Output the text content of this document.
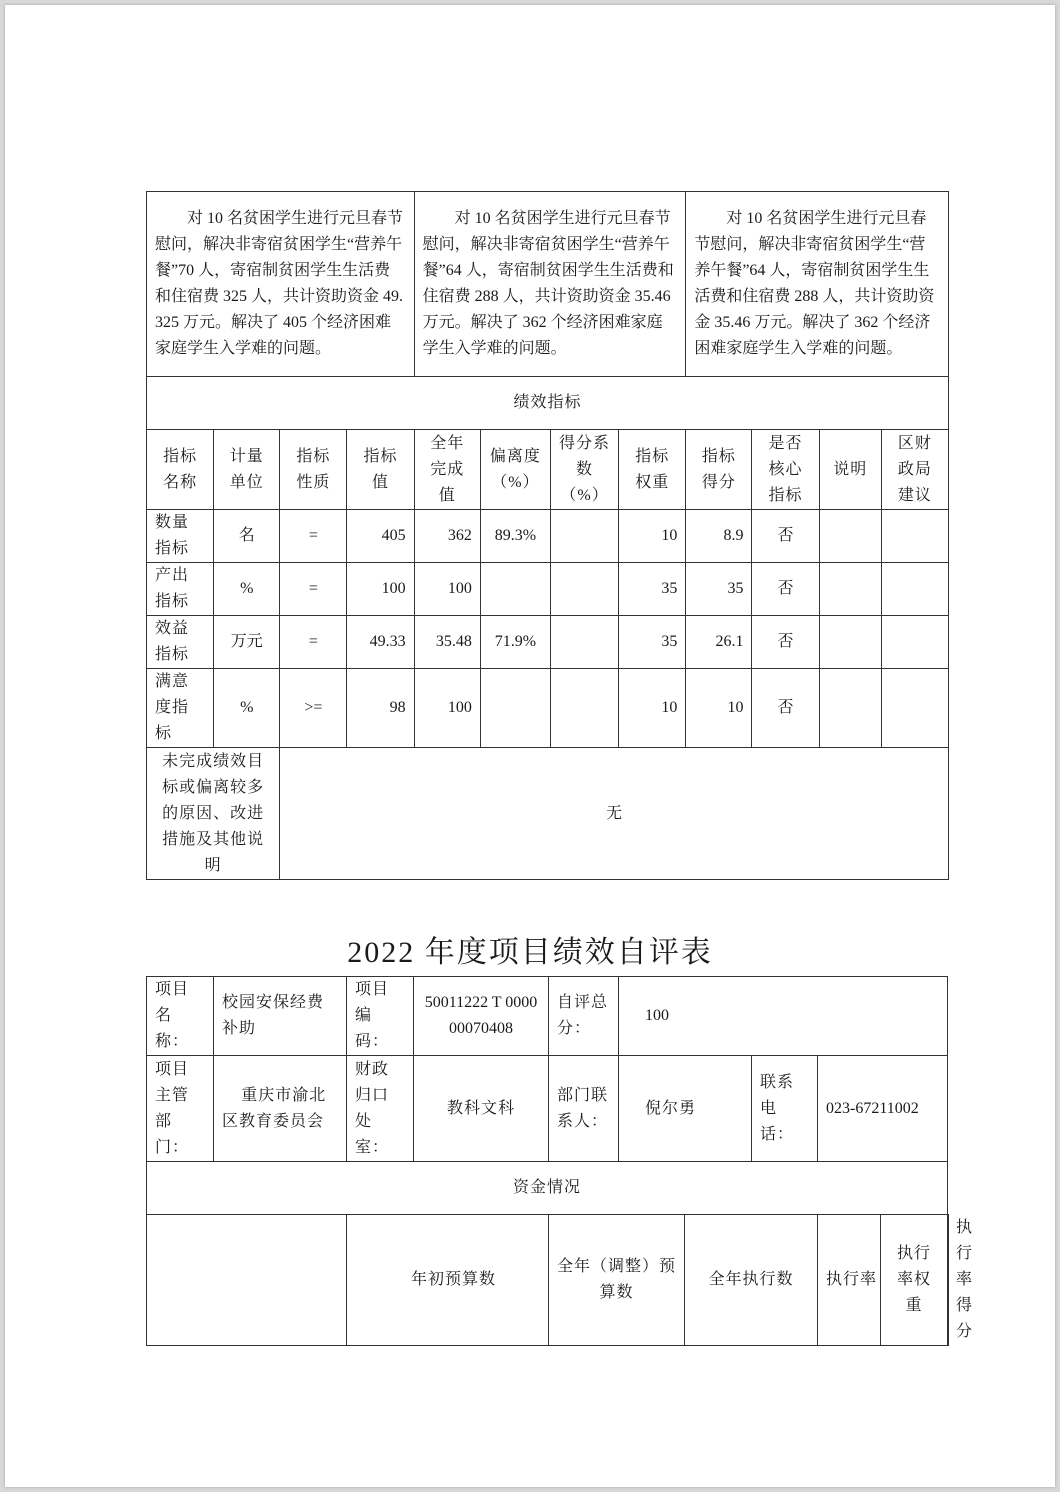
对 10 名贫困学生进行元旦春节慰问，解决非寄宿贫困学生“营养午餐”70 人，寄宿制贫困学生生活费和住宿费 325 人，共计资助资金 49.325 万元。解决了 405 个经济困难家庭学生入学难的问题。				对 10 名贫困学生进行元旦春节慰问，解决非寄宿贫困学生“营养午餐”64 人，寄宿制贫困学生生活费和住宿费 288 人，共计资助资金 35.46 万元。解决了 362 个经济困难家庭学生入学难的问题。				对 10 名贫困学生进行元旦春节慰问，解决非寄宿贫困学生“营养午餐”64 人，寄宿制贫困学生生活费和住宿费 288 人，共计资助资金 35.46 万元。解决了 362 个经济困难家庭学生入学难的问题。			
绩效指标											
指标名称	计量单位	指标性质	指标值	全年完成值	偏离度（%）	得分系数（%）	指标权重	指标得分	是否核心指标	说明	区财政局建议
数量指标	名	=	405	362	89.3%		10	8.9	否		
产出指标	%	=	100	100			35	35	否		
效益指标	万元	=	49.33	35.48	71.9%		35	26.1	否		
满意度指标	%	>=	98	100			10	10	否		
未完成绩效目标或偏离较多的原因、改进措施及其他说明		无									
2022 年度项目绩效自评表
项目名称：	校园安保经费补助	项目编码：	50011222 T 000000070408	自评总分：	100					
项目主管部门：	重庆市渝北区教育委员会	财政归口处室：	教科文科	部门联系人：	倪尔勇		联系电话：	023-67211002		
资金情况										
		年初预算数		全年（调整）预算数		全年执行数		执行率	执行率权重	执行率得分
